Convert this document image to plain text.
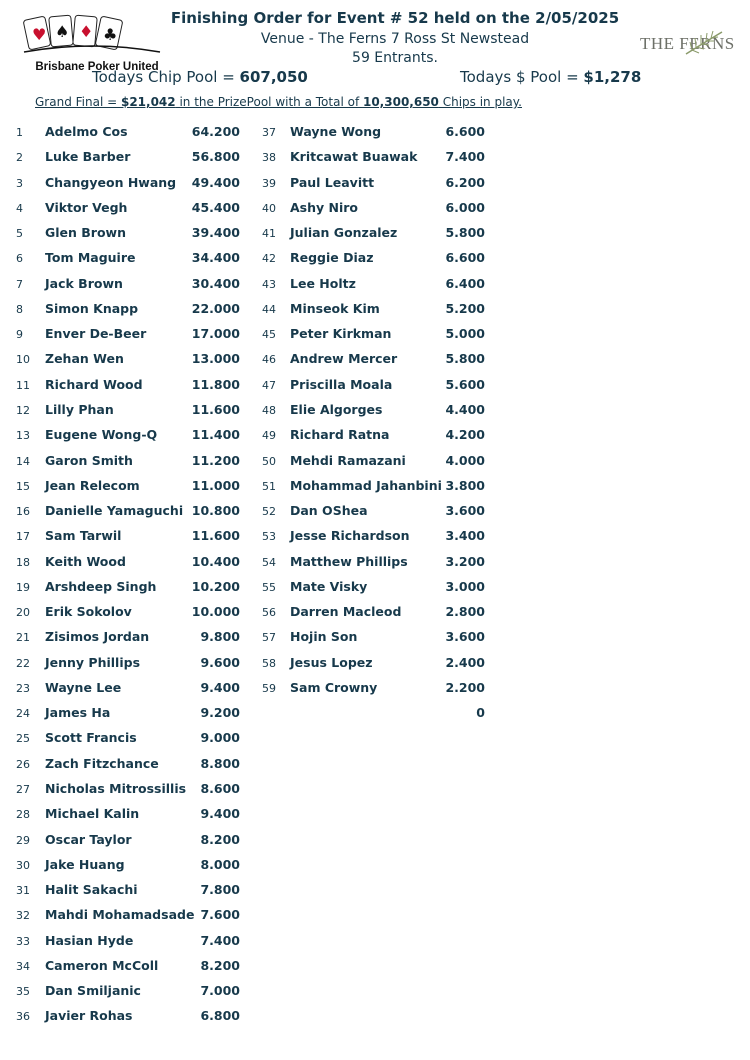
♥ ♠ ♦ ♣
Brisbane Poker United
THE FERNS
Finishing Order for Event # 52 held on the 2/05/2025
Venue - The Ferns 7 Ross St Newstead
59 Entrants.
Todays Chip Pool = 607,050	Todays $ Pool = $1,278
Grand Final = $21,042 in the PrizePool with a Total of 10,300,650 Chips in play.
1 Adelmo Cos	64.200
2 Luke Barber	56.800
3 Changyeon Hwang	49.400
4 Viktor Vegh	45.400
5 Glen Brown	39.400
6 Tom Maguire	34.400
7 Jack Brown	30.400
8 Simon Knapp	22.000
9 Enver De-Beer	17.000
10 Zehan Wen	13.000
11 Richard Wood	11.800
12 Lilly Phan	11.600
13 Eugene Wong-Q	11.400
14 Garon Smith	11.200
15 Jean Relecom	11.000
16 Danielle Yamaguchi 10.800
17 Sam Tarwil	11.600
18 Keith Wood	10.400
19 Arshdeep Singh	10.200
20 Erik Sokolov	10.000
21 Zisimos Jordan	9.800
22 Jenny Phillips	9.600
23 Wayne Lee	9.400
24 James Ha	9.200
25 Scott Francis	9.000
26 Zach Fitzchance	8.800
27 Nicholas Mitrossillis	8.600
28 Michael Kalin	9.400
29 Oscar Taylor	8.200
30 Jake Huang	8.000
31 Halit Sakachi	7.800
32 Mahdi Mohamadsade 7.600
33 Hasian Hyde	7.400
34 Cameron McColl	8.200
35 Dan Smiljanic	7.000
36 Javier Rohas	6.800
37 Wayne Wong	6.600
38 Kritcawat Buawak	7.400
39 Paul Leavitt	6.200
40 Ashy Niro	6.000
41 Julian Gonzalez	5.800
42 Reggie Diaz	6.600
43 Lee Holtz	6.400
44 Minseok Kim	5.200
45 Peter Kirkman	5.000
46 Andrew Mercer	5.800
47 Priscilla Moala	5.600
48 Elie Algorges	4.400
49 Richard Ratna	4.200
50 Mehdi Ramazani	4.000
51 Mohammad Jahanbini 3.800
52 Dan OShea	3.600
53 Jesse Richardson	3.400
54 Matthew Phillips	3.200
55 Mate Visky	3.000
56 Darren Macleod	2.800
57 Hojin Son	3.600
58 Jesus Lopez	2.400
59 Sam Crowny	2.200
0
